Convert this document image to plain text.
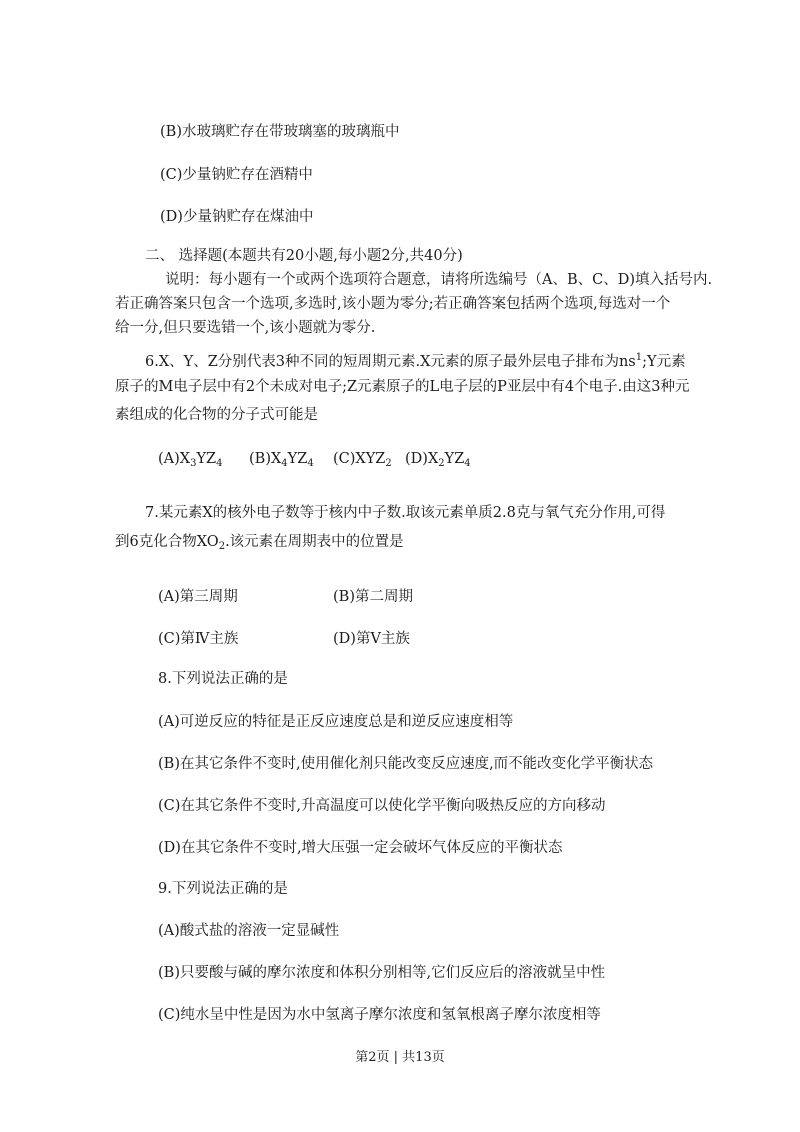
(B)水玻璃贮存在带玻璃塞的玻璃瓶中
(C)少量钠贮存在酒精中
(D)少量钠贮存在煤油中
二、 选择题(本题共有20小题,每小题2分,共40分)
说明：每小题有一个或两个选项符合题意，请将所选编号（A、B、C、D)填入括号内.
若正确答案只包含一个选项,多选时,该小题为零分;若正确答案包括两个选项,每选对一个
给一分,但只要选错一个,该小题就为零分.
6.X、Y、Z分别代表3种不同的短周期元素.X元素的原子最外层电子排布为$ns^1;Y$元素
原子的M电子层中有2个未成对电子;Z元素原子的L电子层的P亚层中有4个电子.由这3种元
素组成的化合物的分子式可能是
$(A)X_3YZ_4$ $(B)X_4YZ_4$ $(C)XYZ_2$ $(D)X_2YZ_4$
7.某元素X的核外电子数等于核内中子数.取该元素单质2.8克与氧气充分作用,可得
到6克化合物$XO_2$.该元素在周期表中的位置是
(A)第三周期	(B)第二周期
(C)第Ⅳ主族	(D)第Ⅴ主族
8.下列说法正确的是
(A)可逆反应的特征是正反应速度总是和逆反应速度相等
(B)在其它条件不变时,使用催化剂只能改变反应速度,而不能改变化学平衡状态
(C)在其它条件不变时,升高温度可以使化学平衡向吸热反应的方向移动
(D)在其它条件不变时,增大压强一定会破坏气体反应的平衡状态
9.下列说法正确的是
(A)酸式盐的溶液一定显碱性
(B)只要酸与碱的摩尔浓度和体积分别相等,它们反应后的溶液就呈中性
(C)纯水呈中性是因为水中氢离子摩尔浓度和氢氧根离子摩尔浓度相等
第2页 | 共13页
